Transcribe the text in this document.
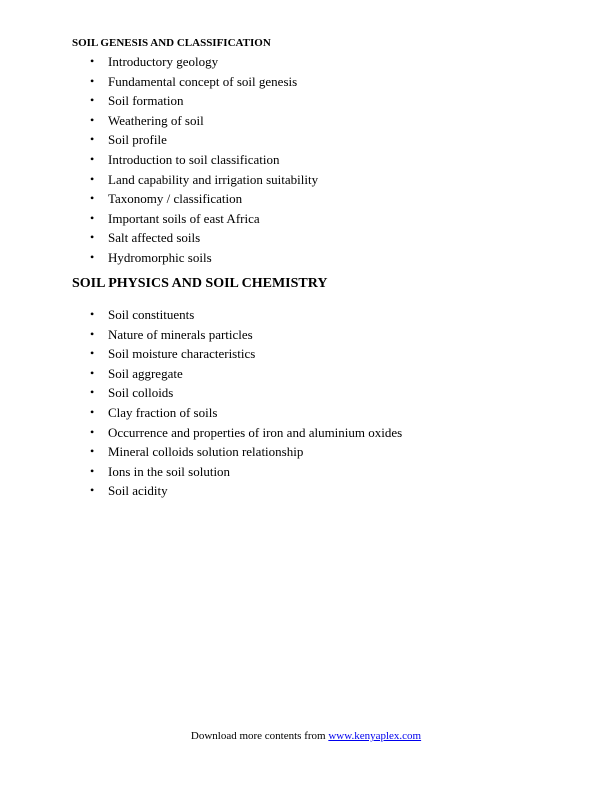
SOIL GENESIS AND CLASSIFICATION
• Introductory geology
• Fundamental concept of soil genesis
• Soil formation
• Weathering of soil
• Soil profile
• Introduction to soil classification
• Land capability and irrigation suitability
• Taxonomy / classification
• Important soils of east Africa
• Salt affected soils
• Hydromorphic soils
SOIL PHYSICS AND SOIL CHEMISTRY
• Soil constituents
• Nature of minerals particles
• Soil moisture characteristics
• Soil aggregate
• Soil colloids
• Clay fraction of soils
• Occurrence and properties of iron and aluminium oxides
• Mineral colloids solution relationship
• Ions in the soil solution
• Soil acidity
Download more contents from www.kenyaplex.com
